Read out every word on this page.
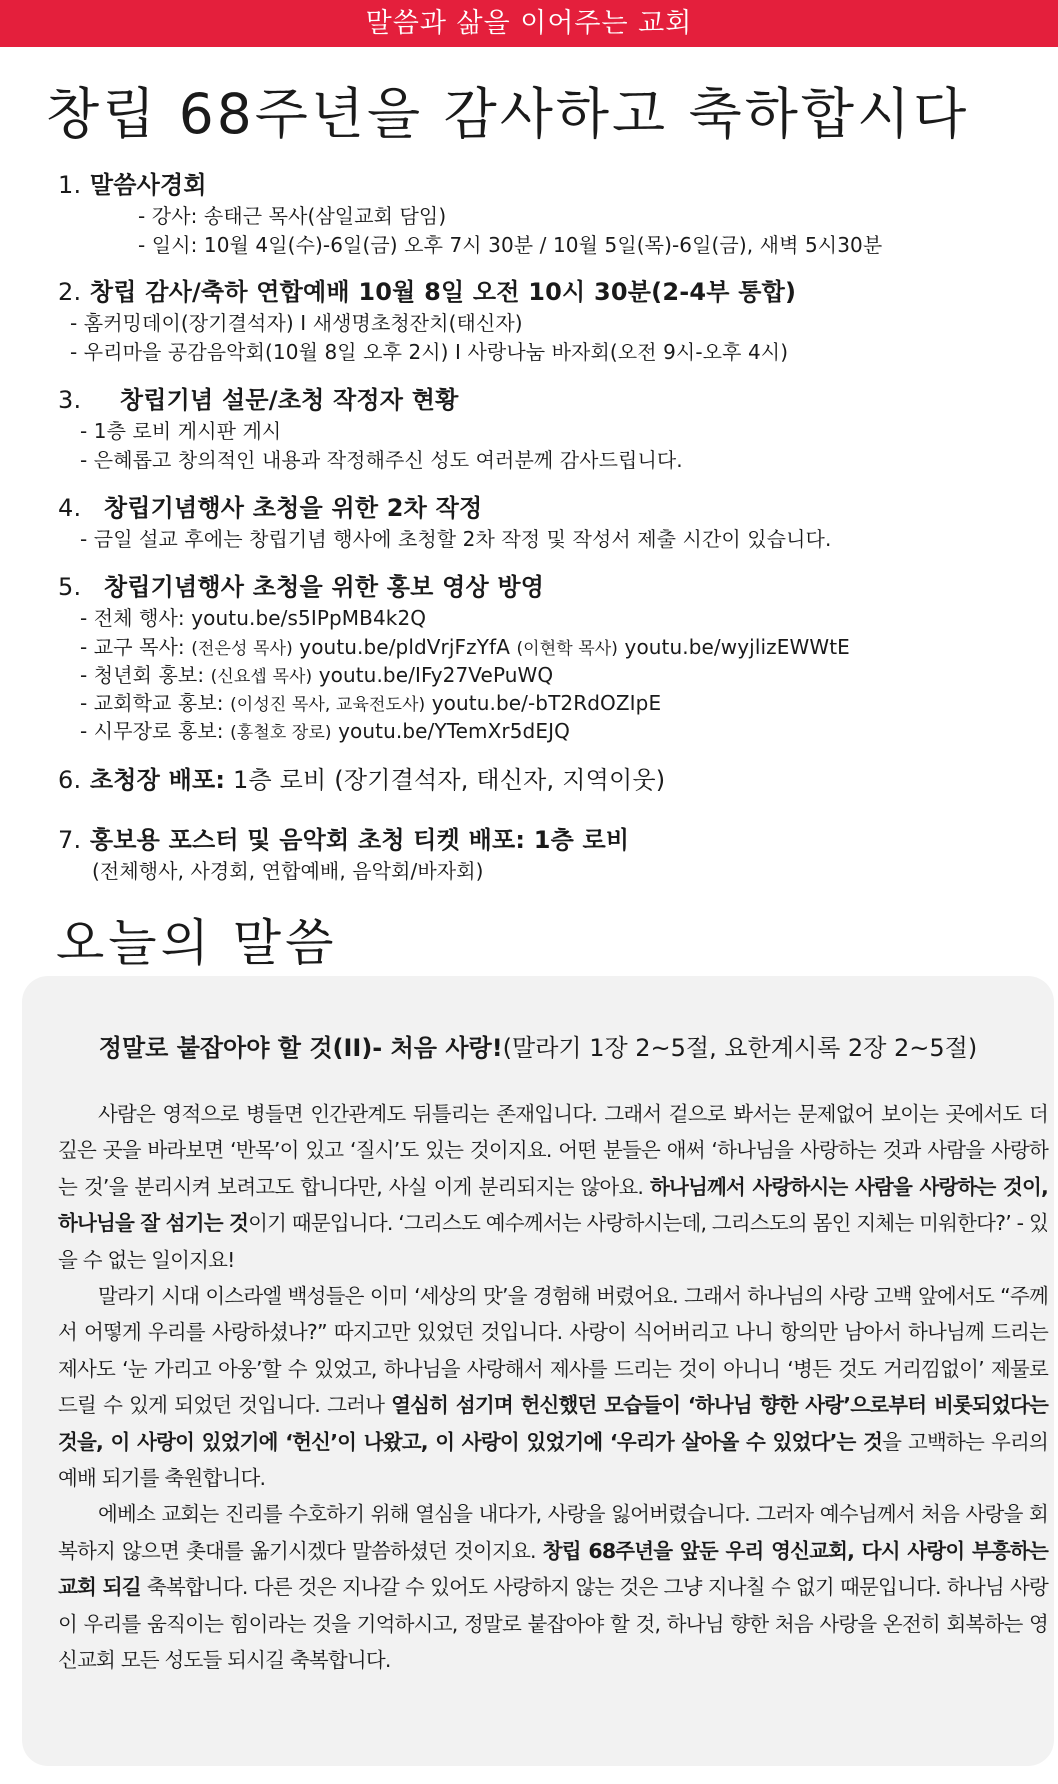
말씀과 삶을 이어주는 교회
창립 68주년을 감사하고 축하합시다
1. 말씀사경회
- 강사: 송태근 목사(삼일교회 담임)
- 일시: 10월 4일(수)-6일(금) 오후 7시 30분 / 10월 5일(목)-6일(금), 새벽 5시30분
2. 창립 감사/축하 연합예배 10월 8일 오전 10시 30분(2-4부 통합)
- 홈커밍데이(장기결석자) I 새생명초청잔치(태신자)
- 우리마을 공감음악회(10월 8일 오후 2시) I 사랑나눔 바자회(오전 9시-오후 4시)
3. 창립기념 설문/초청 작정자 현황
- 1층 로비 게시판 게시
- 은혜롭고 창의적인 내용과 작정해주신 성도 여러분께 감사드립니다.
4. 창립기념행사 초청을 위한 2차 작정
- 금일 설교 후에는 창립기념 행사에 초청할 2차 작정 및 작성서 제출 시간이 있습니다.
5. 창립기념행사 초청을 위한 홍보 영상 방영
- 전체 행사: youtu.be/s5IPpMB4k2Q
- 교구 목사: (전은성 목사) youtu.be/pldVrjFzYfA (이현학 목사) youtu.be/wyjlizEWWtE
- 청년회 홍보: (신요셉 목사) youtu.be/IFy27VePuWQ
- 교회학교 홍보: (이성진 목사, 교육전도사) youtu.be/-bT2RdOZIpE
- 시무장로 홍보: (홍철호 장로) youtu.be/YTemXr5dEJQ
6. 초청장 배포: 1층 로비 (장기결석자, 태신자, 지역이웃)
7. 홍보용 포스터 및 음악회 초청 티켓 배포: 1층 로비
(전체행사, 사경회, 연합예배, 음악회/바자회)
오늘의 말씀
정말로 붙잡아야 할 것(II)- 처음 사랑!(말라기 1장 2~5절, 요한계시록 2장 2~5절)

사람은 영적으로 병들면 인간관계도 뒤틀리는 존재입니다. 그래서 겉으로 봐서는 문제없어 보이는 곳에서도 더 깊은 곳을 바라보면 ‘반목’이 있고 ‘질시’도 있는 것이지요. 어떤 분들은 애써 ‘하나님을 사랑하는 것과 사람을 사랑하는 것’을 분리시켜 보려고도 합니다만, 사실 이게 분리되지는 않아요. 하나님께서 사랑하시는 사람을 사랑하는 것이, 하나님을 잘 섬기는 것이기 때문입니다. ‘그리스도 예수께서는 사랑하시는데, 그리스도의 몸인 지체는 미워한다?’ - 있을 수 없는 일이지요!

말라기 시대 이스라엘 백성들은 이미 ‘세상의 맛’을 경험해 버렸어요. 그래서 하나님의 사랑 고백 앞에서도 “주께서 어떻게 우리를 사랑하셨나?” 따지고만 있었던 것입니다. 사랑이 식어버리고 나니 항의만 남아서 하나님께 드리는 제사도 ‘눈 가리고 아웅’할 수 있었고, 하나님을 사랑해서 제사를 드리는 것이 아니니 ‘병든 것도 거리낌없이’ 제물로 드릴 수 있게 되었던 것입니다. 그러나 열심히 섬기며 헌신했던 모습들이 ‘하나님 향한 사랑’으로부터 비롯되었다는 것을, 이 사랑이 있었기에 ‘헌신’이 나왔고, 이 사랑이 있었기에 ‘우리가 살아올 수 있었다’는 것을 고백하는 우리의 예배 되기를 축원합니다.

에베소 교회는 진리를 수호하기 위해 열심을 내다가, 사랑을 잃어버렸습니다. 그러자 예수님께서 처음 사랑을 회복하지 않으면 촛대를 옮기시겠다 말씀하셨던 것이지요. 창립 68주년을 앞둔 우리 영신교회, 다시 사랑이 부흥하는 교회 되길 축복합니다. 다른 것은 지나갈 수 있어도 사랑하지 않는 것은 그냥 지나칠 수 없기 때문입니다. 하나님 사랑이 우리를 움직이는 힘이라는 것을 기억하시고, 정말로 붙잡아야 할 것, 하나님 향한 처음 사랑을 온전히 회복하는 영신교회 모든 성도들 되시길 축복합니다.
